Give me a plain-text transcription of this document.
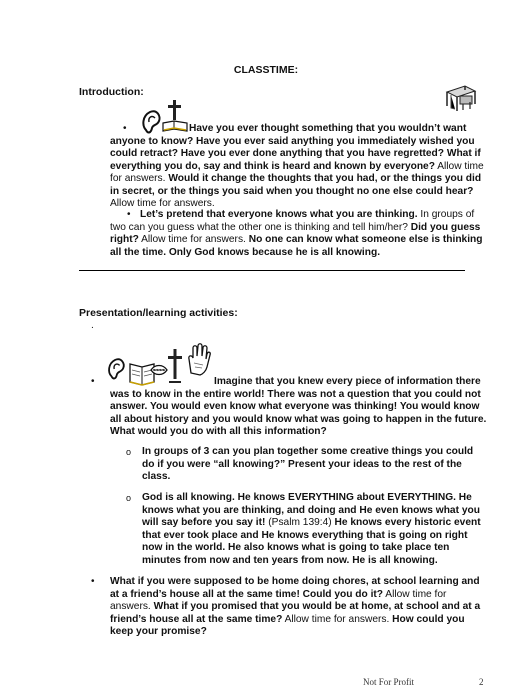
CLASSTIME:
Introduction:
•	Have you ever thought something that you wouldn’t want anyone to know? Have you ever said anything you immediately wished you could retract? Have you ever done anything that you have regretted? What if everything you do, say and think is heard and known by everyone? Allow time for answers. Would it change the thoughts that you had, or the things you did in secret, or the things you said when you thought no one else could hear? Allow time for answers.
• Let’s pretend that everyone knows what you are thinking. In groups of two can you guess what the other one is thinking and tell him/her? Did you guess right? Allow time for answers. No one can know what someone else is thinking all the time. Only God knows because he is all knowing.
Presentation/learning activities:
.
•	Imagine that you knew every piece of information there was to know in the entire world! There was not a question that you could not answer. You would even know what everyone was thinking! You would know all about history and you would know what was going to happen in the future. What would you do with all this information?
o In groups of 3 can you plan together some creative things you could do if you were “all knowing?” Present your ideas to the rest of the class.
o God is all knowing. He knows EVERYTHING about EVERYTHING. He knows what you are thinking, and doing and He even knows what you will say before you say it! (Psalm 139:4) He knows every historic event that ever took place and He knows everything that is going on right now in the world. He also knows what is going to take place ten minutes from now and ten years from now. He is all knowing.
• What if you were supposed to be home doing chores, at school learning and at a friend’s house all at the same time! Could you do it? Allow time for answers. What if you promised that you would be at home, at school and at a friend’s house all at the same time? Allow time for answers. How could you keep your promise?
Not For Profit	2
